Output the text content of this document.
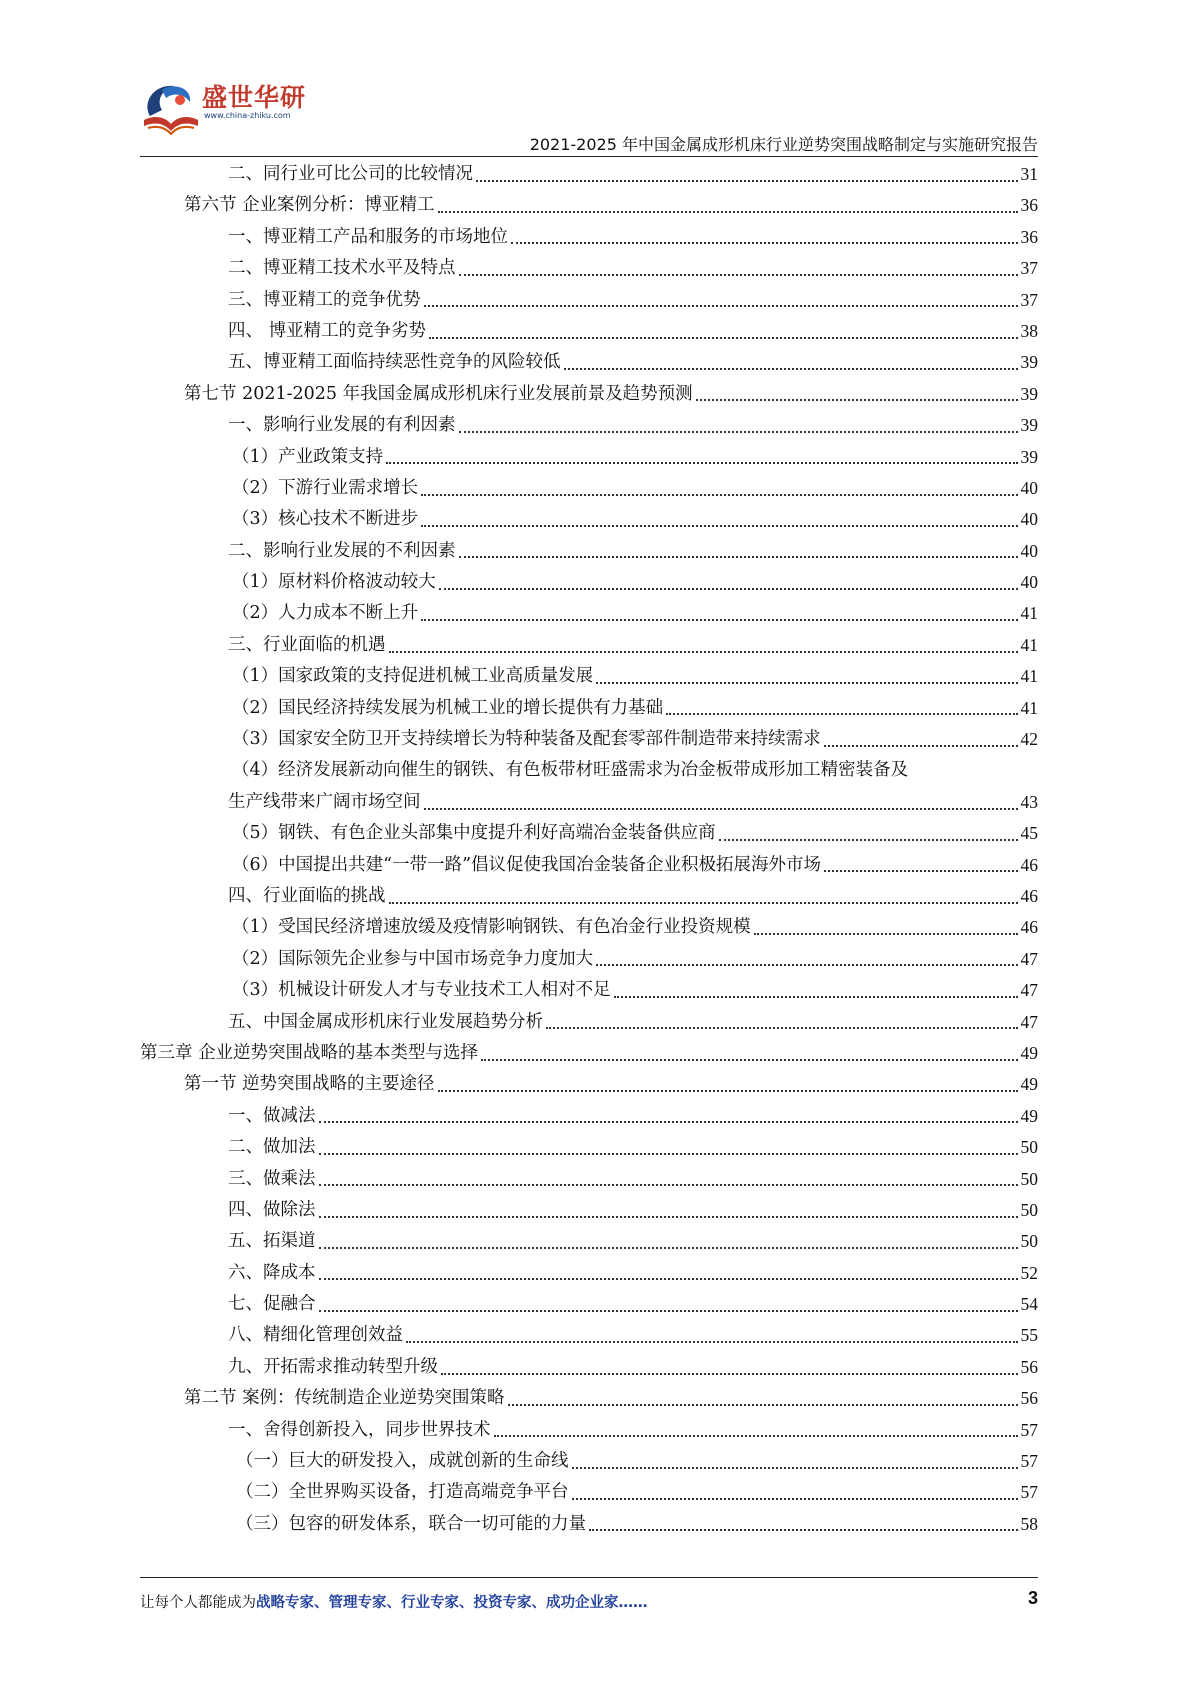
盛世华研
www.china-zhiku.com
2021-2025 年中国金属成形机床行业逆势突围战略制定与实施研究报告
二、同行业可比公司的比较情况	31
第六节 企业案例分析：博亚精工	36
一、博亚精工产品和服务的市场地位	36
二、博亚精工技术水平及特点	37
三、博亚精工的竞争优势	37
四、 博亚精工的竞争劣势	38
五、博亚精工面临持续恶性竞争的风险较低	39
第七节 2021-2025 年我国金属成形机床行业发展前景及趋势预测	39
一、影响行业发展的有利因素	39
（1）产业政策支持	39
（2）下游行业需求增长	40
（3）核心技术不断进步	40
二、影响行业发展的不利因素	40
（1）原材料价格波动较大	40
（2）人力成本不断上升	41
三、行业面临的机遇	41
（1）国家政策的支持促进机械工业高质量发展	41
（2）国民经济持续发展为机械工业的增长提供有力基础	41
（3）国家安全防卫开支持续增长为特种装备及配套零部件制造带来持续需求	42
（4）经济发展新动向催生的钢铁、有色板带材旺盛需求为冶金板带成形加工精密装备及
生产线带来广阔市场空间	43
（5）钢铁、有色企业头部集中度提升利好高端冶金装备供应商	45
（6）中国提出共建“一带一路”倡议促使我国冶金装备企业积极拓展海外市场	46
四、行业面临的挑战	46
（1）受国民经济增速放缓及疫情影响钢铁、有色冶金行业投资规模	46
（2）国际领先企业参与中国市场竞争力度加大	47
（3）机械设计研发人才与专业技术工人相对不足	47
五、中国金属成形机床行业发展趋势分析	47
第三章 企业逆势突围战略的基本类型与选择	49
第一节 逆势突围战略的主要途径	49
一、做减法	49
二、做加法	50
三、做乘法	50
四、做除法	50
五、拓渠道	50
六、降成本	52
七、促融合	54
八、精细化管理创效益	55
九、开拓需求推动转型升级	56
第二节 案例：传统制造企业逆势突围策略	56
一、舍得创新投入，同步世界技术	57
（一）巨大的研发投入，成就创新的生命线	57
（二）全世界购买设备，打造高端竞争平台	57
（三）包容的研发体系，联合一切可能的力量	58
让每个人都能成为战略专家、管理专家、行业专家、投资专家、成功企业家……	3
